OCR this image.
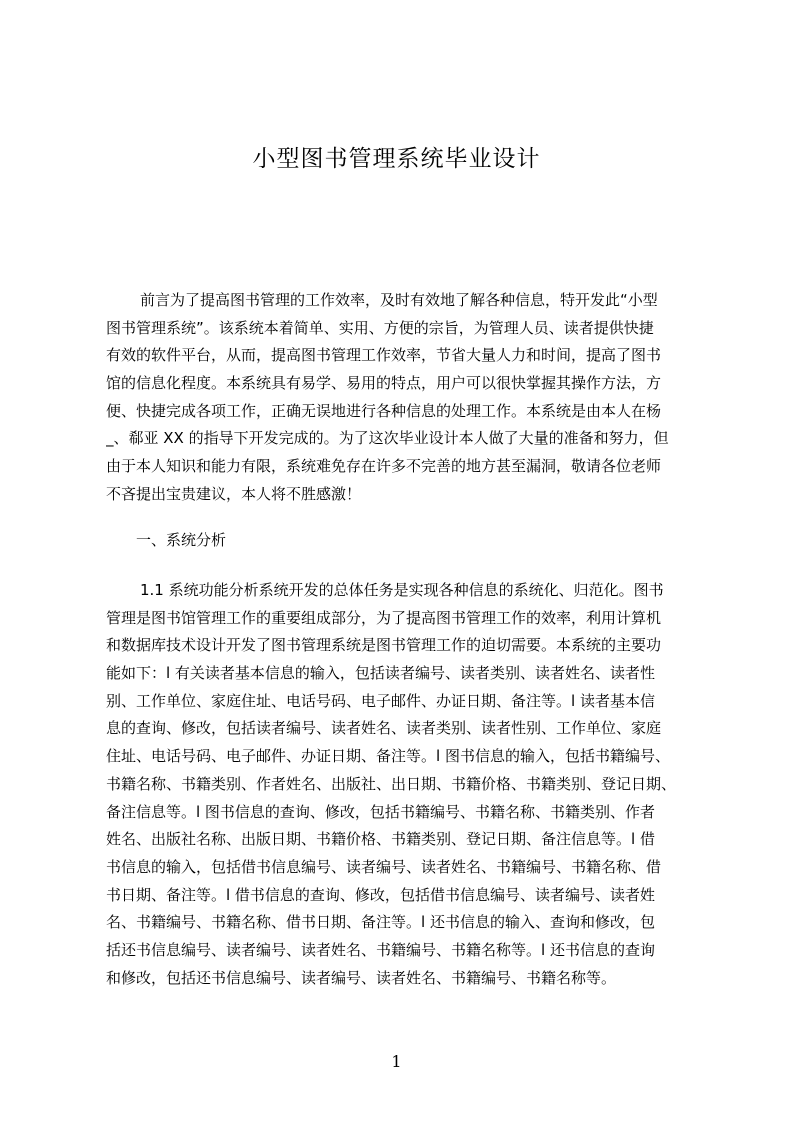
小型图书管理系统毕业设计
前言为了提高图书管理的工作效率，及时有效地了解各种信息，特开发此“小型
图书管理系统”。该系统本着简单、实用、方便的宗旨，为管理人员、读者提供快捷
有效的软件平台，从而，提高图书管理工作效率，节省大量人力和时间，提高了图书
馆的信息化程度。本系统具有易学、易用的特点，用户可以很快掌握其操作方法，方
便、快捷完成各项工作，正确无误地进行各种信息的处理工作。本系统是由本人在杨
_、郗亚 XX 的指导下开发完成的。为了这次毕业设计本人做了大量的准备和努力，但
由于本人知识和能力有限，系统难免存在许多不完善的地方甚至漏洞，敬请各位老师
不吝提出宝贵建议，本人将不胜感激！
一、系统分析
1.1 系统功能分析系统开发的总体任务是实现各种信息的系统化、归范化。图书
管理是图书馆管理工作的重要组成部分，为了提高图书管理工作的效率，利用计算机
和数据库技术设计开发了图书管理系统是图书管理工作的迫切需要。本系统的主要功
能如下：l 有关读者基本信息的输入，包括读者编号、读者类别、读者姓名、读者性
别、工作单位、家庭住址、电话号码、电子邮件、办证日期、备注等。l 读者基本信
息的查询、修改，包括读者编号、读者姓名、读者类别、读者性别、工作单位、家庭
住址、电话号码、电子邮件、办证日期、备注等。l 图书信息的输入，包括书籍编号、
书籍名称、书籍类别、作者姓名、出版社、出日期、书籍价格、书籍类别、登记日期、
备注信息等。l 图书信息的查询、修改，包括书籍编号、书籍名称、书籍类别、作者
姓名、出版社名称、出版日期、书籍价格、书籍类别、登记日期、备注信息等。l 借
书信息的输入，包括借书信息编号、读者编号、读者姓名、书籍编号、书籍名称、借
书日期、备注等。l 借书信息的查询、修改，包括借书信息编号、读者编号、读者姓
名、书籍编号、书籍名称、借书日期、备注等。l 还书信息的输入、查询和修改，包
括还书信息编号、读者编号、读者姓名、书籍编号、书籍名称等。l 还书信息的查询
和修改，包括还书信息编号、读者编号、读者姓名、书籍编号、书籍名称等。
1
